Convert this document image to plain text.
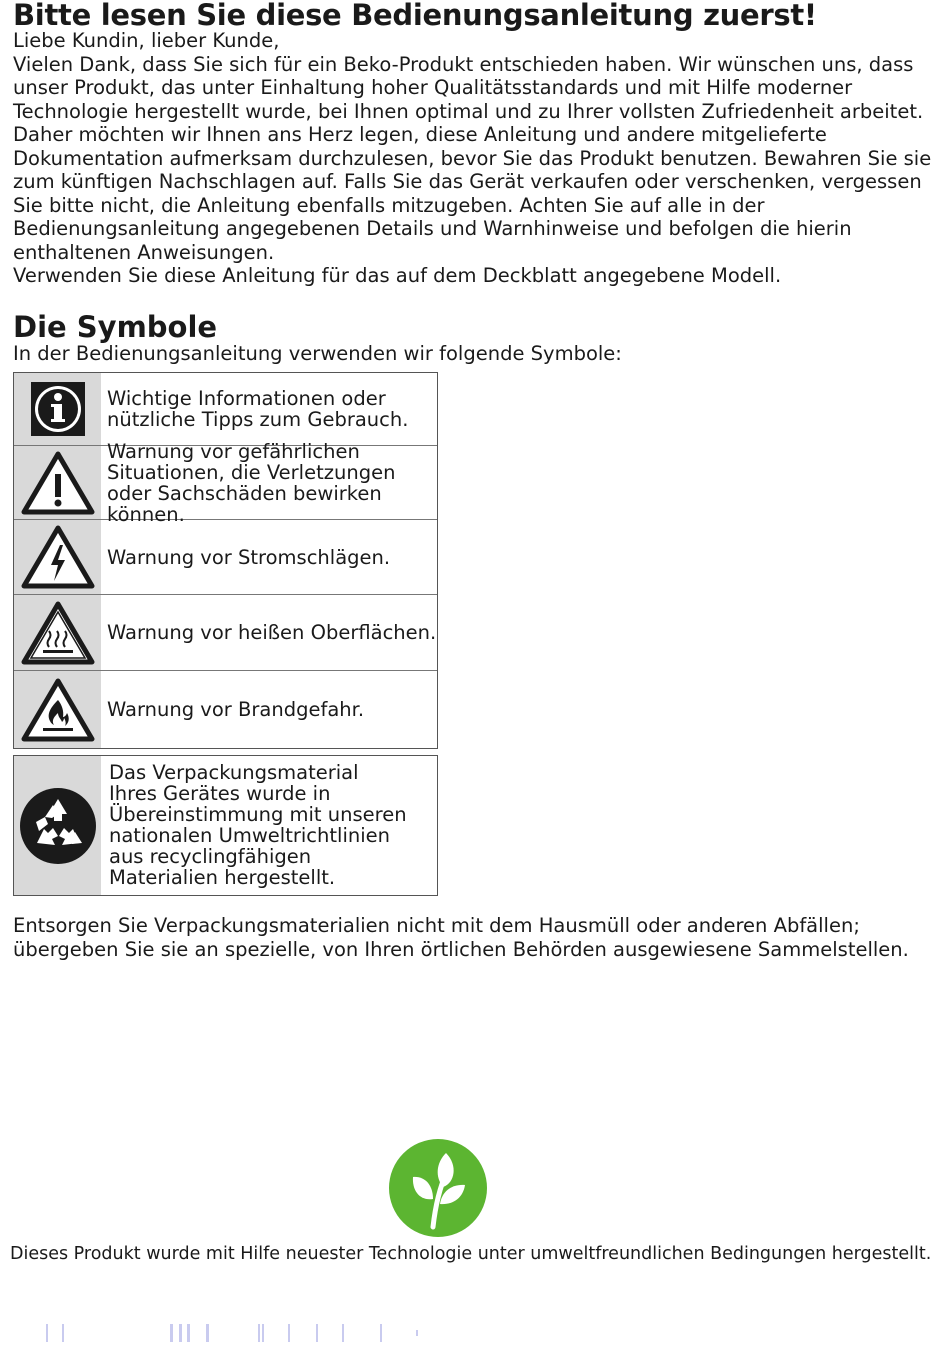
Bitte lesen Sie diese Bedienungsanleitung zuerst!

Liebe Kundin, lieber Kunde,

Vielen Dank, dass Sie sich für ein Beko-Produkt entschieden haben. Wir wünschen uns, dass unser Produkt, das unter Einhaltung hoher Qualitätsstandards und mit Hilfe moderner Technologie hergestellt wurde, bei Ihnen optimal und zu Ihrer vollsten Zufriedenheit arbeitet. Daher möchten wir Ihnen ans Herz legen, diese Anleitung und andere mitgelieferte Dokumentation aufmerksam durchzulesen, bevor Sie das Produkt benutzen. Bewahren Sie sie zum künftigen Nachschlagen auf. Falls Sie das Gerät verkaufen oder verschenken, vergessen Sie bitte nicht, die Anleitung ebenfalls mitzugeben. Achten Sie auf alle in der Bedienungsanleitung angegebenen Details und Warnhinweise und befolgen die hierin enthaltenen Anweisungen.

Verwenden Sie diese Anleitung für das auf dem Deckblatt angegebene Modell.

Die Symbole
In der Bedienungsanleitung verwenden wir folgende Symbole:
Wichtige Informationen oder nützliche Tipps zum Gebrauch.
Warnung vor gefährlichen Situationen, die Verletzungen oder Sachschäden bewirken können.
Warnung vor Stromschlägen.
Warnung vor heißen Oberflächen.
Warnung vor Brandgefahr.
Das Verpackungsmaterial Ihres Gerätes wurde in Übereinstimmung mit unseren nationalen Umweltrichtlinien aus recyclingfähigen Materialien hergestellt.
Entsorgen Sie Verpackungsmaterialien nicht mit dem Hausmüll oder anderen Abfällen; übergeben Sie sie an spezielle, von Ihren örtlichen Behörden ausgewiesene Sammelstellen.
Dieses Produkt wurde mit Hilfe neuester Technologie unter umweltfreundlichen Bedingungen hergestellt.
